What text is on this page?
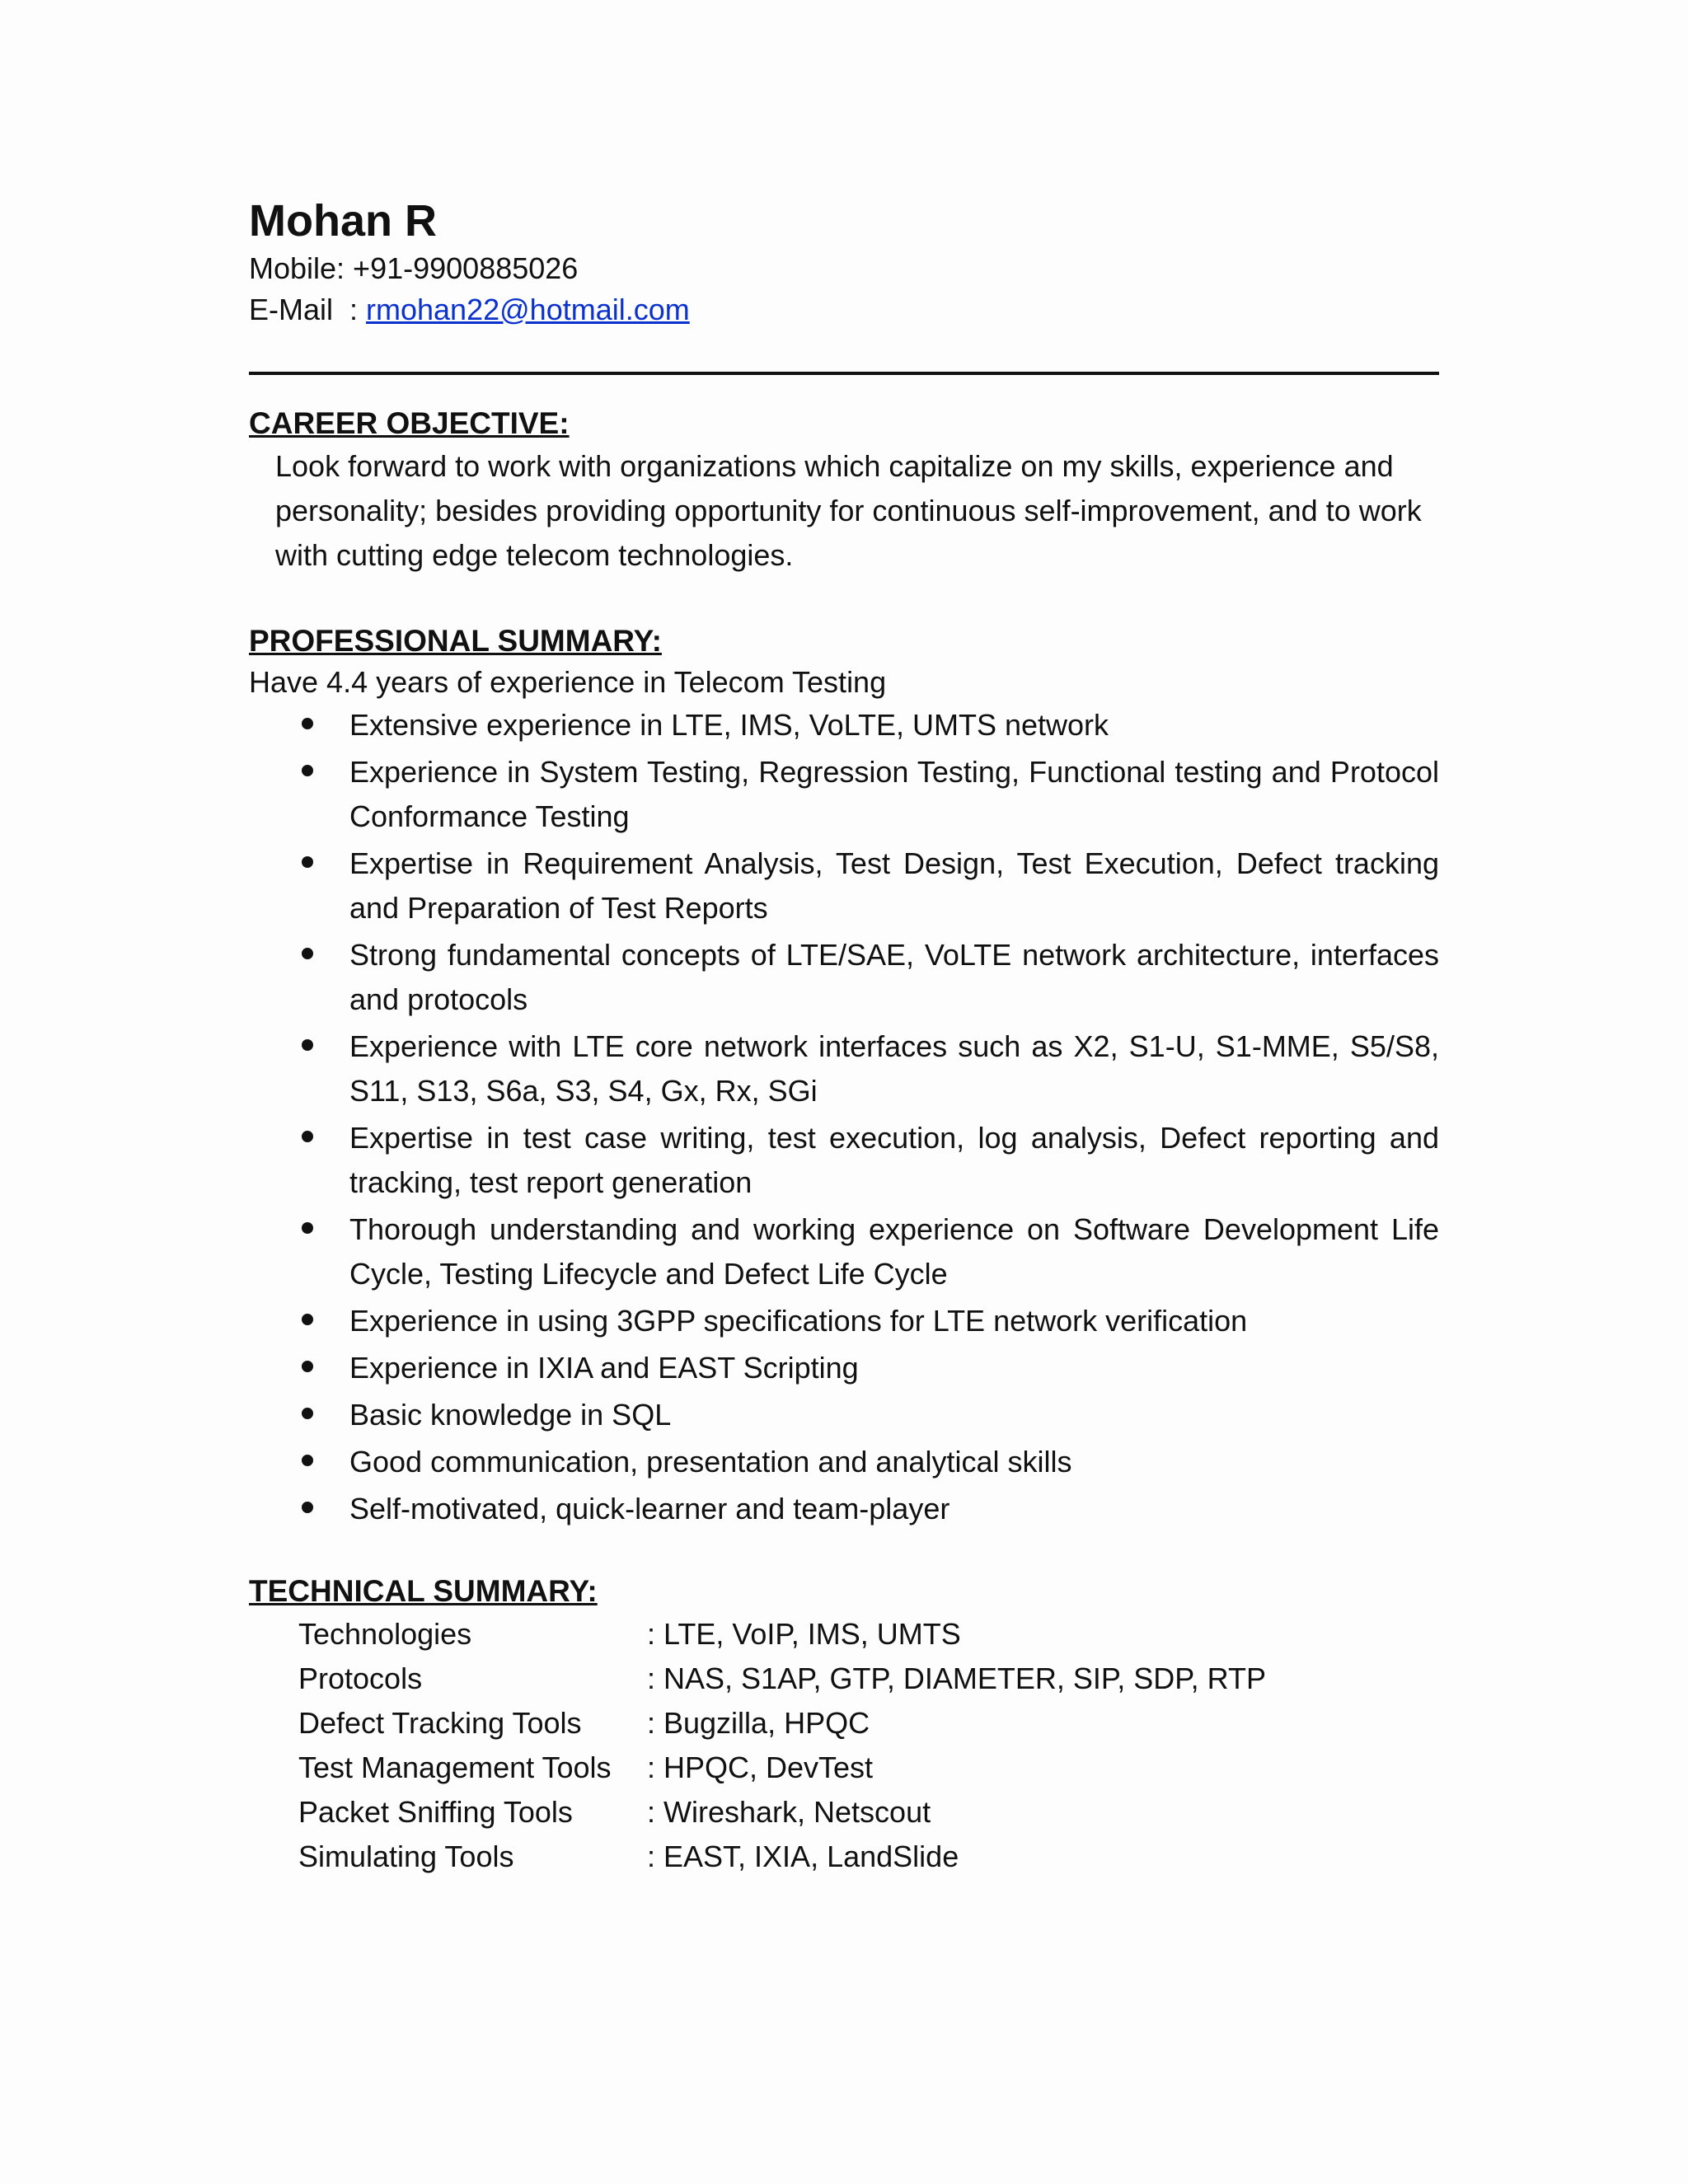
Mohan R

Mobile: +91-9900885026

E-Mail  : rmohan22@hotmail.com

CAREER OBJECTIVE:

Look forward to work with organizations which capitalize on my skills, experience and personality; besides providing opportunity for continuous self-improvement, and to work with cutting edge telecom technologies.

PROFESSIONAL SUMMARY:

Have 4.4 years of experience in Telecom Testing

Extensive experience in LTE, IMS, VoLTE, UMTS network
Experience in System Testing, Regression Testing, Functional testing and Protocol Conformance Testing
Expertise in Requirement Analysis, Test Design, Test Execution, Defect tracking and Preparation of Test Reports
Strong fundamental concepts of LTE/SAE, VoLTE network architecture, interfaces and protocols
Experience with LTE core network interfaces such as X2, S1-U, S1-MME, S5/S8, S11, S13, S6a, S3, S4, Gx, Rx, SGi
Expertise in test case writing, test execution, log analysis, Defect reporting and tracking, test report generation
Thorough understanding and working experience on Software Development Life Cycle, Testing Lifecycle and Defect Life Cycle
Experience in using 3GPP specifications for LTE network verification
Experience in IXIA and EAST Scripting
Basic knowledge in SQL
Good communication, presentation and analytical skills
Self-motivated, quick-learner and team-player
TECHNICAL SUMMARY:
Technologies	: LTE, VoIP, IMS, UMTS
Protocols	: NAS, S1AP, GTP, DIAMETER, SIP, SDP, RTP
Defect Tracking Tools	: Bugzilla, HPQC
Test Management Tools	: HPQC, DevTest
Packet Sniffing Tools	: Wireshark, Netscout
Simulating Tools	: EAST, IXIA, LandSlide
